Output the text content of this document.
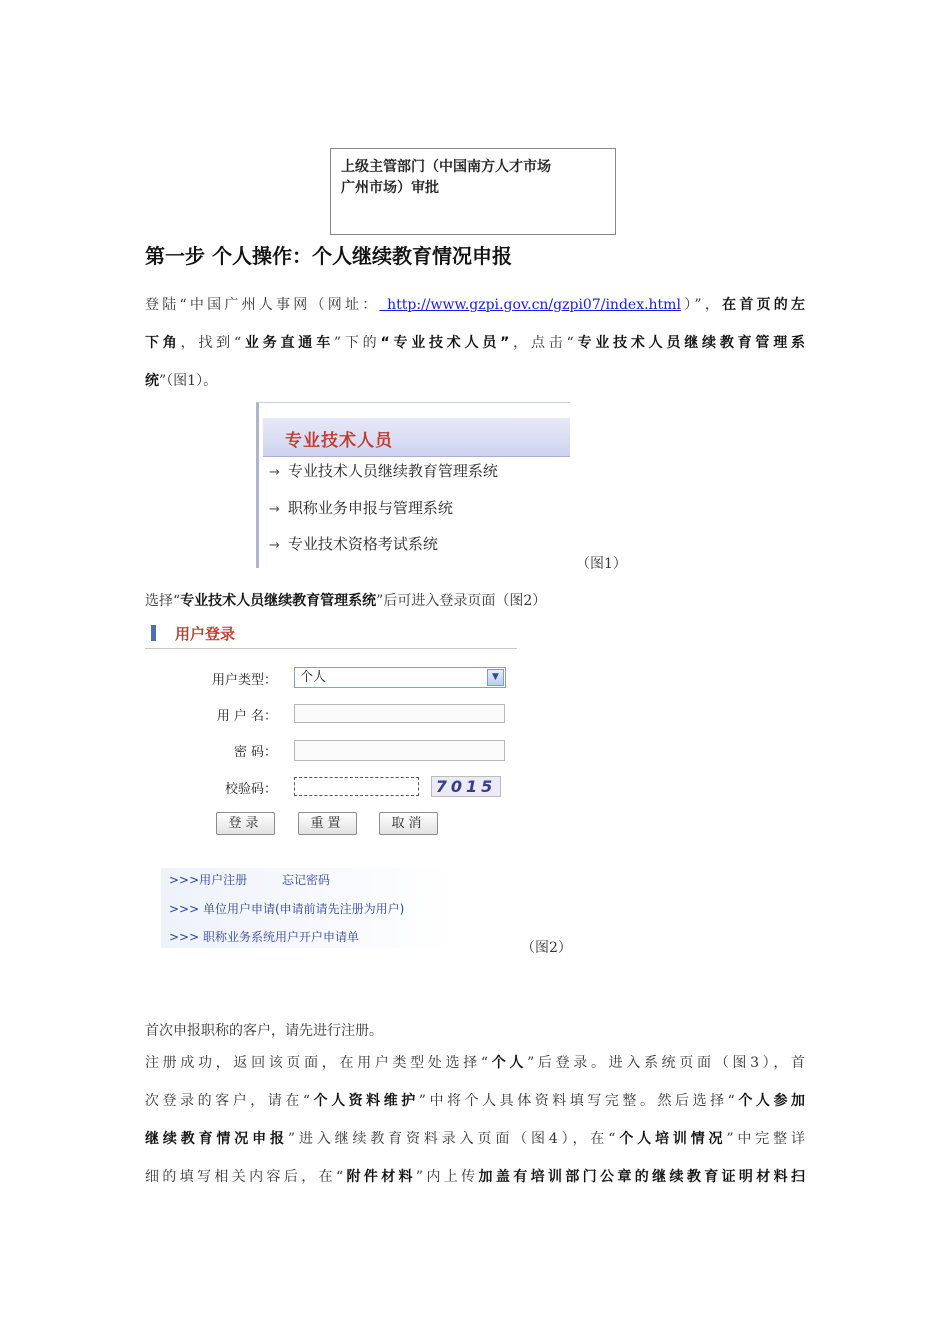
上级主管部门（中国南方人才市场
广州市场）审批
第一步 个人操作：个人继续教育情况申报
登陆“中国广州人事网（网址： http://www.gzpi.gov.cn/gzpi07/index.html）”，在首页的左
下角，找到“业务直通车”下的“专业技术人员”，点击“专业技术人员继续教育管理系
统”（图1）。
专业技术人员
→ 专业技术人员继续教育管理系统
→ 职称业务申报与管理系统
→ 专业技术资格考试系统
（图1）
选择“专业技术人员继续教育管理系统”后可进入登录页面（图2）
用户登录
用户类型：	个人	▼
用 户 名：
密 码：
校验码：	7015
登录	重置	取消
>>>用户注册	忘记密码
>>> 单位用户申请(申请前请先注册为用户)
>>> 职称业务系统用户开户申请单
（图2）
首次申报职称的客户，请先进行注册。
注册成功，返回该页面，在用户类型处选择“个人”后登录。进入系统页面（图3），首
次登录的客户，请在“个人资料维护”中将个人具体资料填写完整。然后选择“个人参加
继续教育情况申报”进入继续教育资料录入页面（图4），在“个人培训情况”中完整详
细的填写相关内容后，在“附件材料”内上传加盖有培训部门公章的继续教育证明材料扫
